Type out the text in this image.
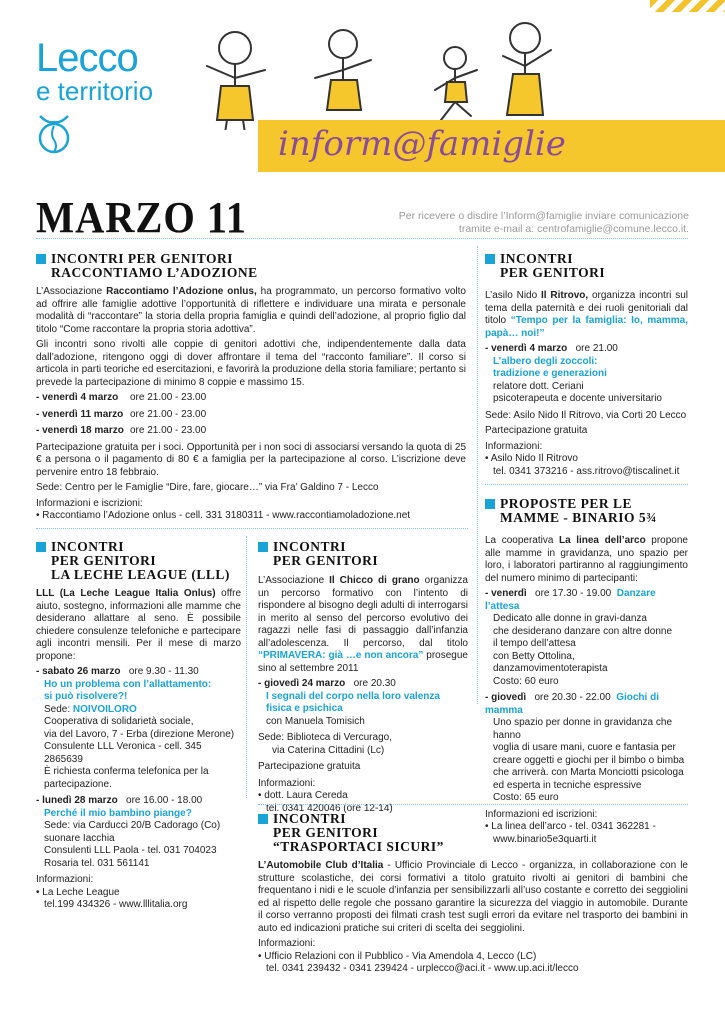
Lecco
e territorio
inform@famiglie
MARZO 11	Per ricevere o disdire l’Inform@famiglie inviare comunicazione
tramite e-mail a: centrofamiglie@comune.lecco.it.
INCONTRI PER GENITORI
RACCONTIAMO L’ADOZIONE

L’Associazione Raccontiamo l’Adozione onlus, ha programmato, un percorso formativo volto ad offrire alle famiglie adottive l’opportunità di riflettere e individuare una mirata e personale modalità di “raccontare” la storia della propria famiglia e quindi dell’adozione, al proprio figlio dal titolo “Come raccontare la propria storia adottiva”.

Gli incontri sono rivolti alle coppie di genitori adottivi che, indipendentemente dalla data dall’adozione, ritengono oggi di dover affrontare il tema del “racconto familiare”. Il corso si articola in parti teoriche ed esercitazioni, e favorirà la produzione della storia familiare; pertanto si prevede la partecipazione di minimo 8 coppie e massimo 15.

- venerdì 4 marzo ore 21.00 - 23.00

- venerdì 11 marzo ore 21.00 - 23.00

- venerdì 18 marzo ore 21.00 - 23.00

Partecipazione gratuita per i soci. Opportunità per i non soci di associarsi versando la quota di 25 € a persona o il pagamento di 80 € a famiglia per la partecipazione al corso. L’iscrizione deve pervenire entro 18 febbraio.

Sede: Centro per le Famiglie “Dire, fare, giocare…” via Fra’ Galdino 7 - Lecco

Informazioni e iscrizioni:

• Raccontiamo l’Adozione onlus - cell. 331 3180311 - www.raccontiamoladozione.net

INCONTRI
PER GENITORI
LA LECHE LEAGUE (LLL)

LLL (La Leche League Italia Onlus) offre aiuto, sostegno, informazioni alle mamme che desiderano allattare al seno. È possibile chiedere consulenze telefoniche e partecipare agli incontri mensili. Per il mese di marzo propone:

- sabato 26 marzo ore 9.30 - 11.30

Ho un problema con l’allattamento:
si può risolvere?!
Sede: NOIVOILORO
Cooperativa di solidarietà sociale,
via del Lavoro, 7 - Erba (direzione Merone)
Consulente LLL Veronica - cell. 345 2865639
È richiesta conferma telefonica per la partecipazione.

- lunedì 28 marzo ore 16.00 - 18.00

Perché il mio bambino piange?
Sede: via Carducci 20/B Cadorago (Co)
suonare Iacchia
Consulenti LLL Paola - tel. 031 704023
Rosaria tel. 031 561141
Informazioni:
• La Leche League
tel.199 434326 - www.lllitalia.org
INCONTRI
PER GENITORI

L’Associazione Il Chicco di grano organizza un percorso formativo con l’intento di rispondere al bisogno degli adulti di interrogarsi in merito al senso del percorso evolutivo dei ragazzi nelle fasi di passaggio dall’infanzia all’adolescenza. Il percorso, dal titolo “PRIMAVERA: già …e non ancora” prosegue sino al settembre 2011

- giovedì 24 marzo ore 20.30

I segnali del corpo nella loro valenza
fisica e psichica
con Manuela Tomisich
Sede: Biblioteca di Vercurago,
via Caterina Cittadini (Lc)
Partecipazione gratuita
Informazioni:
• dott. Laura Cereda
tel. 0341 420046 (ore 12-14)
INCONTRI
PER GENITORI

L’asilo Nido Il Ritrovo, organizza incontri sul tema della paternità e dei ruoli genitoriali dal titolo “Tempo per la famiglia: Io, mamma, papà… noi!”

- venerdì 4 marzo ore 21.00

L’albero degli zoccoli:
tradizione e generazioni
relatore dott. Ceriani
psicoterapeuta e docente universitario

Sede: Asilo Nido Il Ritrovo, via Corti 20 Lecco

Partecipazione gratuita

Informazioni:
• Asilo Nido Il Ritrovo
tel. 0341 373216 - ass.ritrovo@tiscalinet.it
PROPOSTE PER LE
MAMME - BINARIO 5¾

La cooperativa La linea dell’arco propone alle mamme in gravidanza, uno spazio per loro, i laboratori partiranno al raggiungimento del numero minimo di partecipanti:

- venerdì ore 17.30 - 19.00 Danzare l’attesa

Dedicato alle donne in gravi-danza
che desiderano danzare con altre donne
il tempo dell’attesa
con Betty Ottolina, danzamovimentoterapista
Costo: 60 euro

- giovedì ore 20.30 - 22.00 Giochi di mamma

Uno spazio per donne in gravidanza che hanno
voglia di usare mani, cuore e fantasia per
creare oggetti e giochi per il bimbo o bimba
che arriverà. con Marta Monciotti psicologa
ed esperta in tecniche espressive
Costo: 65 euro
Informazioni ed iscrizioni:
• La linea dell’arco - tel. 0341 362281 -
www.binario5e3quarti.it
INCONTRI
PER GENITORI
“TRASPORTACI SICURI”

L’Automobile Club d’Italia - Ufficio Provinciale di Lecco - organizza, in collaborazione con le strutture scolastiche, dei corsi formativi a titolo gratuito rivolti ai genitori di bambini che frequentano i nidi e le scuole d’infanzia per sensibilizzarli all’uso costante e corretto dei seggiolini ed al rispetto delle regole che possano garantire la sicurezza del viaggio in automobile. Durante il corso verranno proposti dei filmati crash test sugli errori da evitare nel trasporto dei bambini in auto ed indicazioni pratiche sui criteri di scelta dei seggiolini.

Informazioni:
• Ufficio Relazioni con il Pubblico - Via Amendola 4, Lecco (LC)
tel. 0341 239432 - 0341 239424 - urplecco@aci.it - www.up.aci.it/lecco
